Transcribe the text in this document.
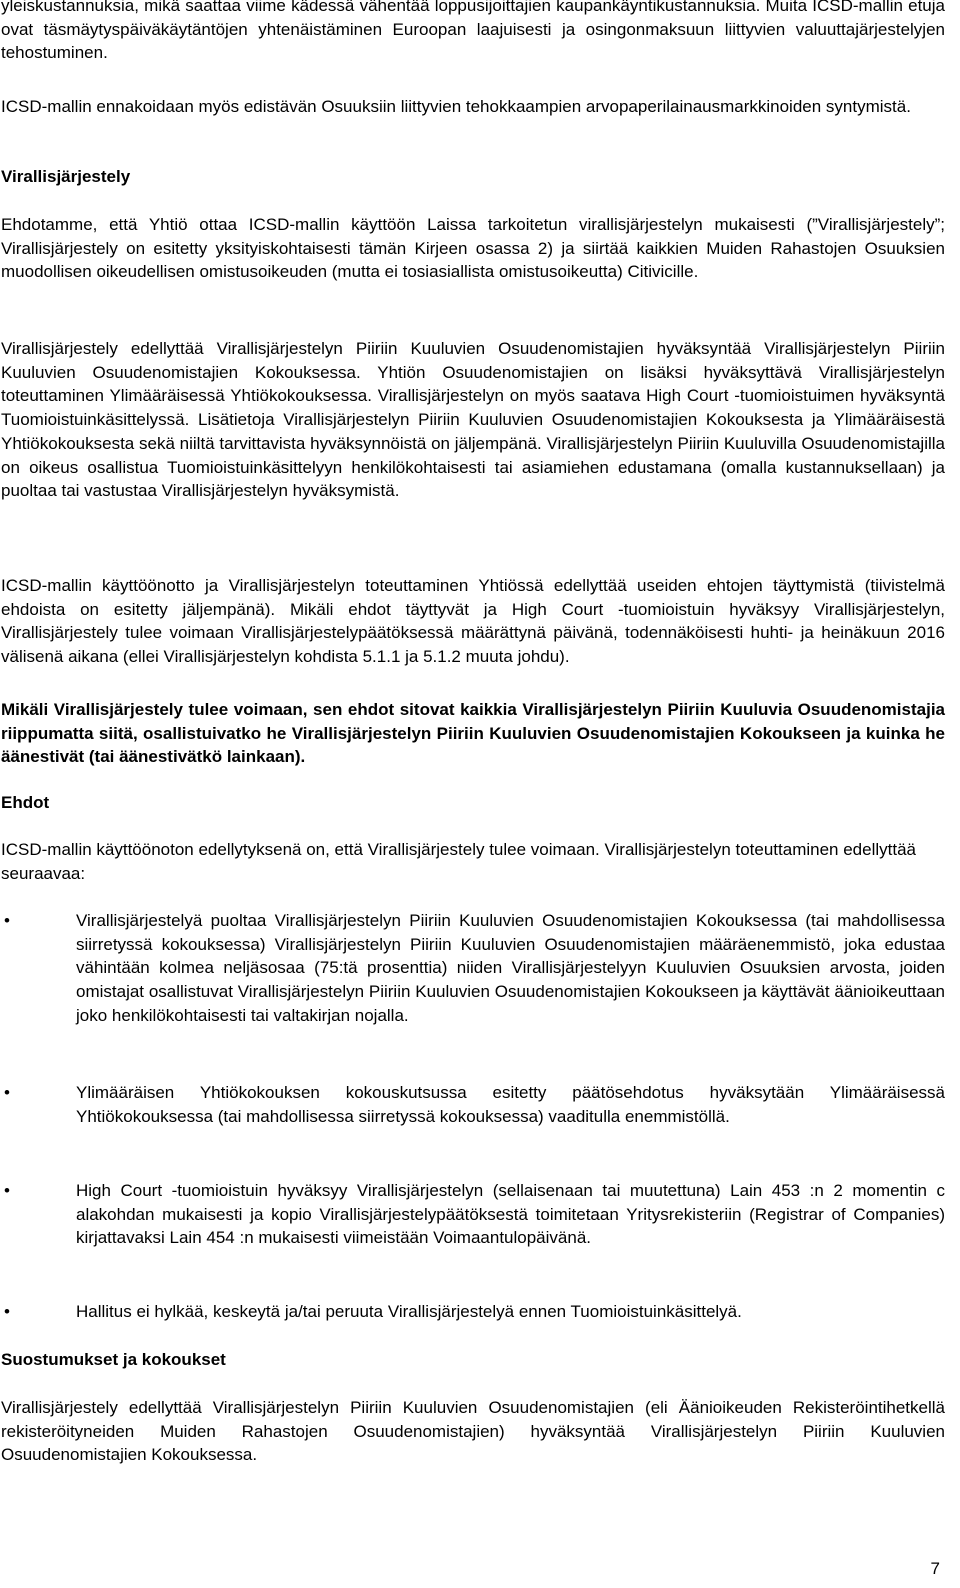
yleiskustannuksia, mikä saattaa viime kädessä vähentää loppusijoittajien kaupankäyntikustannuksia. Muita ICSD-mallin etuja ovat täsmäytyspäiväkäytäntöjen yhtenäistäminen Euroopan laajuisesti ja osingonmaksuun liittyvien valuuttajärjestelyjen tehostuminen.

ICSD-mallin ennakoidaan myös edistävän Osuuksiin liittyvien tehokkaampien arvopaperilainausmarkkinoiden syntymistä.

Virallisjärjestely

Ehdotamme, että Yhtiö ottaa ICSD-mallin käyttöön Laissa tarkoitetun virallisjärjestelyn mukaisesti (”Virallisjärjestely”; Virallisjärjestely on esitetty yksityiskohtaisesti tämän Kirjeen osassa 2) ja siirtää kaikkien Muiden Rahastojen Osuuksien muodollisen oikeudellisen omistusoikeuden (mutta ei tosiasiallista omistusoikeutta) Citivicille.

Virallisjärjestely edellyttää Virallisjärjestelyn Piiriin Kuuluvien Osuudenomistajien hyväksyntää Virallisjärjestelyn Piiriin Kuuluvien Osuudenomistajien Kokouksessa. Yhtiön Osuudenomistajien on lisäksi hyväksyttävä Virallisjärjestelyn toteuttaminen Ylimääräisessä Yhtiökokouksessa. Virallisjärjestelyn on myös saatava High Court -tuomioistuimen hyväksyntä Tuomioistuinkäsittelyssä. Lisätietoja Virallisjärjestelyn Piiriin Kuuluvien Osuudenomistajien Kokouksesta ja Ylimääräisestä Yhtiökokouksesta sekä niiltä tarvittavista hyväksynnöistä on jäljempänä. Virallisjärjestelyn Piiriin Kuuluvilla Osuudenomistajilla on oikeus osallistua Tuomioistuinkäsittelyyn henkilökohtaisesti tai asiamiehen edustamana (omalla kustannuksellaan) ja puoltaa tai vastustaa Virallisjärjestelyn hyväksymistä.

ICSD-mallin käyttöönotto ja Virallisjärjestelyn toteuttaminen Yhtiössä edellyttää useiden ehtojen täyttymistä (tiivistelmä ehdoista on esitetty jäljempänä). Mikäli ehdot täyttyvät ja High Court -tuomioistuin hyväksyy Virallisjärjestelyn, Virallisjärjestely tulee voimaan Virallisjärjestelypäätöksessä määrättynä päivänä, todennäköisesti huhti- ja heinäkuun 2016 välisenä aikana (ellei Virallisjärjestelyn kohdista 5.1.1 ja 5.1.2 muuta johdu).

Mikäli Virallisjärjestely tulee voimaan, sen ehdot sitovat kaikkia Virallisjärjestelyn Piiriin Kuuluvia Osuudenomistajia riippumatta siitä, osallistuivatko he Virallisjärjestelyn Piiriin Kuuluvien Osuudenomistajien Kokoukseen ja kuinka he äänestivät (tai äänestivätkö lainkaan).

Ehdot

ICSD-mallin käyttöönoton edellytyksenä on, että Virallisjärjestely tulee voimaan. Virallisjärjestelyn toteuttaminen edellyttää seuraavaa:

•	Virallisjärjestelyä puoltaa Virallisjärjestelyn Piiriin Kuuluvien Osuudenomistajien Kokouksessa (tai mahdollisessa siirretyssä kokouksessa) Virallisjärjestelyn Piiriin Kuuluvien Osuudenomistajien määräenemmistö, joka edustaa vähintään kolmea neljäsosaa (75:tä prosenttia) niiden Virallisjärjestelyyn Kuuluvien Osuuksien arvosta, joiden omistajat osallistuvat Virallisjärjestelyn Piiriin Kuuluvien Osuudenomistajien Kokoukseen ja käyttävät äänioikeuttaan joko henkilökohtaisesti tai valtakirjan nojalla.

•	Ylimääräisen Yhtiökokouksen kokouskutsussa esitetty päätösehdotus hyväksytään Ylimääräisessä Yhtiökokouksessa (tai mahdollisessa siirretyssä kokouksessa) vaaditulla enemmistöllä.

•	High Court -tuomioistuin hyväksyy Virallisjärjestelyn (sellaisenaan tai muutettuna) Lain 453 :n 2 momentin c alakohdan mukaisesti ja kopio Virallisjärjestelypäätöksestä toimitetaan Yritysrekisteriin (Registrar of Companies) kirjattavaksi Lain 454 :n mukaisesti viimeistään Voimaantulopäivänä.

•	Hallitus ei hylkää, keskeytä ja/tai peruuta Virallisjärjestelyä ennen Tuomioistuinkäsittelyä.

Suostumukset ja kokoukset

Virallisjärjestely edellyttää Virallisjärjestelyn Piiriin Kuuluvien Osuudenomistajien (eli Äänioikeuden Rekisteröintihetkellä rekisteröityneiden Muiden Rahastojen Osuudenomistajien) hyväksyntää Virallisjärjestelyn Piiriin Kuuluvien Osuudenomistajien Kokouksessa.

7
